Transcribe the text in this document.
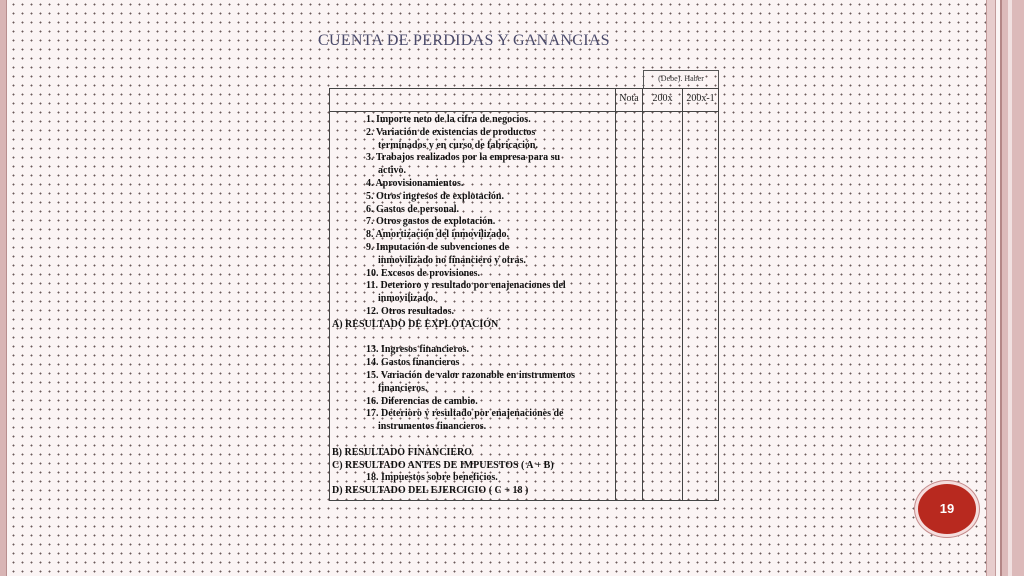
CUENTA DE PERDIDAS Y GANANCIAS
(Debe). Haber
Nota	200x	200x-1
1. Importe neto de la cifra de negocios.
2. Variación de existencias de productos
terminados y en curso de fabricación.
3. Trabajos realizados por la empresa para su
activo.
4. Aprovisionamientos.
5. Otros ingresos de explotación.
6. Gastos de personal.
7. Otros gastos de explotación.
8. Amortización del inmovilizado.
9. Imputación de subvenciones de
inmovilizado no financiero y otras.
10. Excesos de provisiones.
11. Deterioro y resultado por enajenaciones del
inmovilizado.
12. Otros resultados.
A) RESULTADO DE EXPLOTACIÓN
13. Ingresos financieros.
14. Gastos financieros
15. Variación de valor razonable en instrumentos
financieros.
16. Diferencias de cambio.
17. Deterioro y resultado por enajenaciones de
instrumentos financieros.
B) RESULTADO FINANCIERO
C) RESULTADO ANTES DE IMPUESTOS ( A + B)
18. Impuestos sobre beneficios.
D) RESULTADO DEL EJERCICIO ( C + 18 )
19
